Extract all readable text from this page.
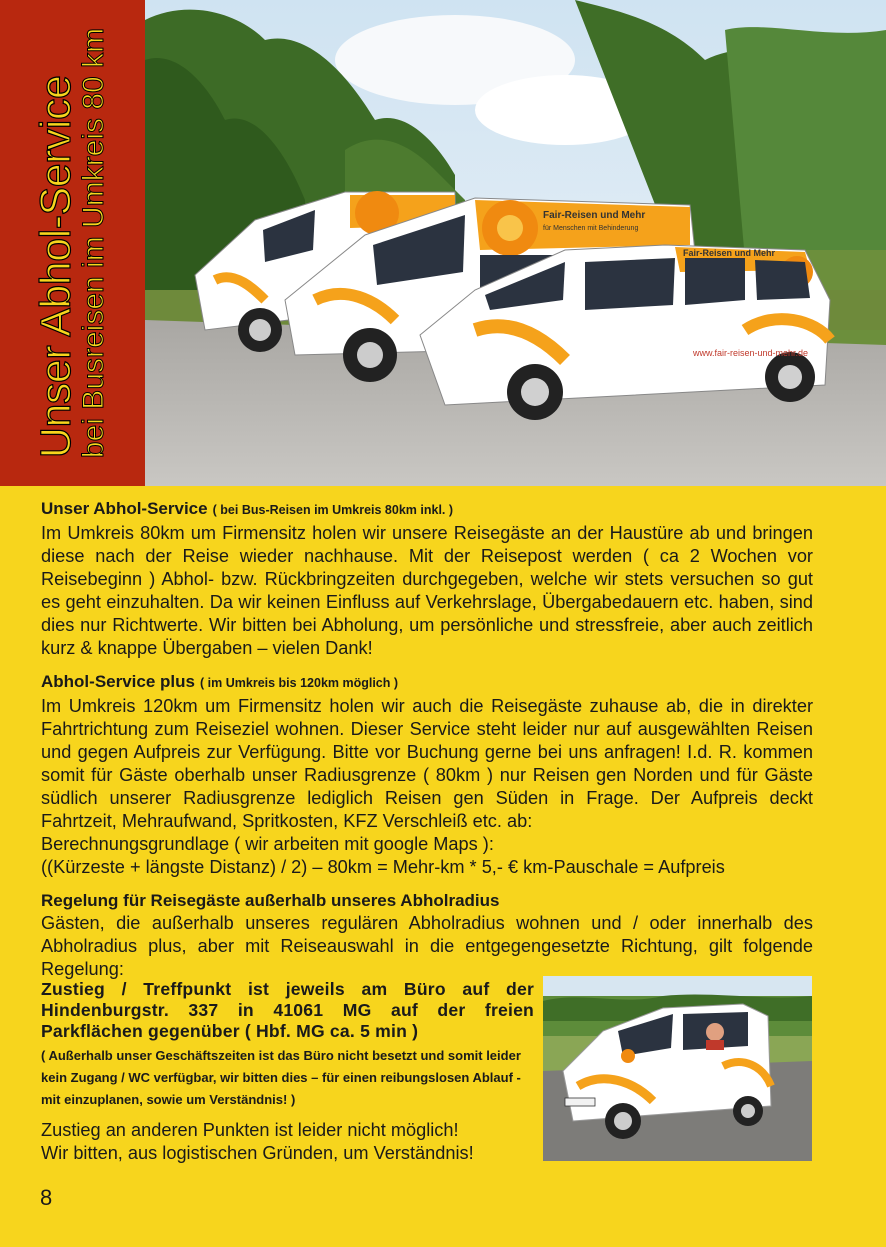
Unser Abhol-Service
bei Busreisen im Umkreis 80 km	www.fair-reisen-und-mehr.de
Fair-Reisen und Mehr
Fair-Reisen und Mehr
für Menschen mit Behinderung

Unser Abhol-Service ( bei Bus-Reisen im Umkreis 80km inkl. )

Im Umkreis 80km um Firmensitz holen wir unsere Reisegäste an der Haustüre ab und bringen diese nach der Reise wieder nachhause. Mit der Reisepost werden ( ca 2 Wochen vor Reisebeginn ) Abhol- bzw. Rückbringzeiten durchgegeben, welche wir stets versuchen so gut es geht einzuhalten. Da wir keinen Einfluss auf Verkehrslage, Übergabedauern etc. haben, sind dies nur Richtwerte. Wir bitten bei Abholung, um persönliche und stressfreie, aber auch zeitlich kurz & knappe Übergaben – vielen Dank!

Abhol-Service plus ( im Umkreis bis 120km möglich )

Im Umkreis 120km um Firmensitz holen wir auch die Reisegäste zuhause ab, die in direkter Fahrtrichtung zum Reiseziel wohnen. Dieser Service steht leider nur auf ausgewählten Reisen und gegen Aufpreis zur Verfügung. Bitte vor Buchung gerne bei uns anfragen! I.d. R. kommen somit für Gäste oberhalb unser Radiusgrenze ( 80km ) nur Reisen gen Norden und für Gäste südlich unserer Radiusgrenze lediglich Reisen gen Süden in Frage. Der Aufpreis deckt Fahrtzeit, Mehraufwand, Spritkosten, KFZ Verschleiß etc. ab:
Berechnungsgrundlage ( wir arbeiten mit google Maps ):
((Kürzeste + längste Distanz) / 2) – 80km = Mehr-km * 5,- € km-Pauschale = Aufpreis

Regelung für Reisegäste außerhalb unseres Abholradius

Gästen, die außerhalb unseres regulären Abholradius wohnen und / oder innerhalb des Abholradius plus, aber mit Reiseauswahl in die entgegengesetzte Richtung, gilt folgende Regelung:

Zustieg / Treffpunkt ist jeweils am Büro auf der Hindenburgstr. 337 in 41061 MG auf der freien Parkflächen gegenüber ( Hbf. MG ca. 5 min )

( Außerhalb unser Geschäftszeiten ist das Büro nicht besetzt und somit leider kein Zugang / WC verfügbar, wir bitten dies – für einen reibungslosen Ablauf - mit einzuplanen, sowie um Verständnis! )

Zustieg an anderen Punkten ist leider nicht möglich!

Wir bitten, aus logistischen Gründen, um Verständnis!

8
